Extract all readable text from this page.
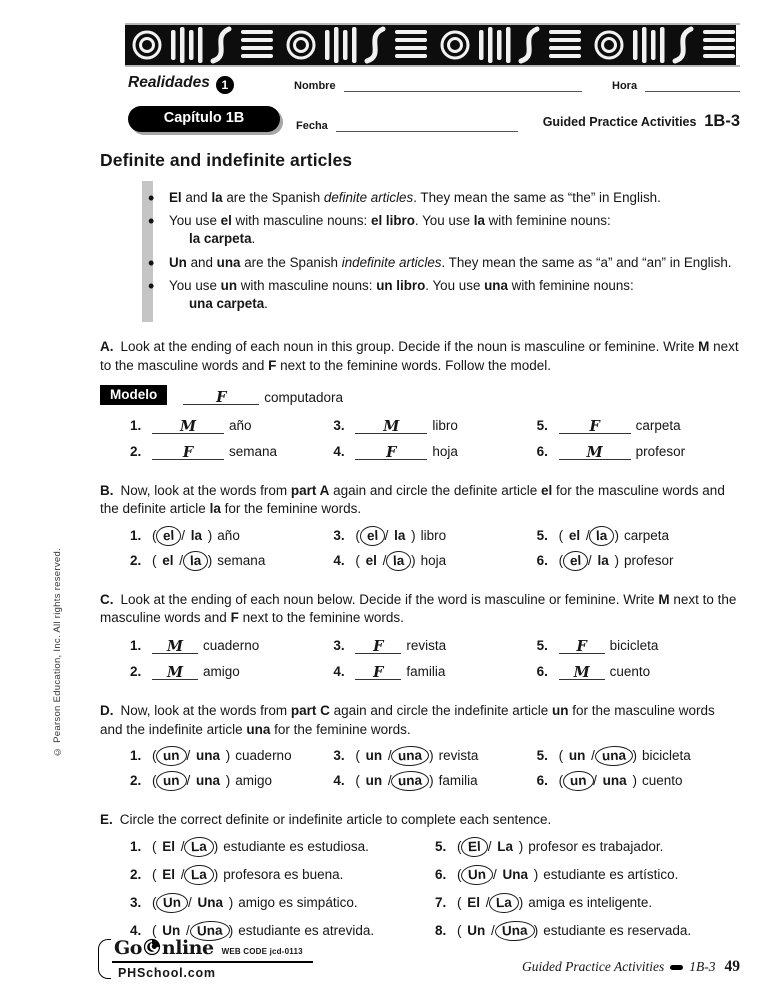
© Pearson Education, Inc. All rights reserved.
Realidades 1	Nombre	Hora
Capítulo 1B	Fecha	Guided Practice Activities 1B-3
Definite and indefinite articles
• El and la are the Spanish definite articles. They mean the same as “the” in English.
• You use el with masculine nouns: el libro. You use la with feminine nouns:
la carpeta.
• Un and una are the Spanish indefinite articles. They mean the same as “a” and “an” in English.
• You use un with masculine nouns: un libro. You use una with feminine nouns:
una carpeta.

A. Look at the ending of each noun in this group. Decide if the noun is masculine or feminine. Write M next to the masculine words and F next to the feminine words. Follow the model.

Modelo	F	computadora
1.	M año
2.	F	semana
3.	M libro
4.	F	hoja
5.	F	carpeta
6.	M profesor

B. Now, look at the words from part A again and circle the definite article el for the masculine words and the definite article la for the feminine words.

1. ( el / la ) año
2. ( el / la ) semana
3. ( el / la ) libro
4. ( el / la ) hoja
5. ( el / la ) carpeta
6. ( el / la ) profesor

C. Look at the ending of each noun below. Decide if the word is masculine or feminine. Write M next to the masculine words and F next to the feminine words.

1. M cuaderno
2. M amigo
3. F revista
4. F familia
5. F bicicleta
6. M cuento

D. Now, look at the words from part C again and circle the indefinite article un for the masculine words and the indefinite article una for the feminine words.

1. ( un / una ) cuaderno
2. ( un / una ) amigo
3. ( un / una ) revista
4. ( un / una ) familia
5. ( un / una ) bicicleta
6. ( un / una ) cuento

E. Circle the correct definite or indefinite article to complete each sentence.

1. ( El / La ) estudiante es estudiosa.
2. ( El / La ) profesora es buena.
3. ( Un / Una ) amigo es simpático.
4. ( Un / Una ) estudiante es atrevida.
5. ( El / La ) profesor es trabajador.
6. ( Un / Una ) estudiante es artístico.
7. ( El / La ) amiga es inteligente.
8. ( Un / Una ) estudiante es reservada.
Go nline WEB CODE jcd-0113
PHSchool.com	Guided Practice Activities 1B-3 49
